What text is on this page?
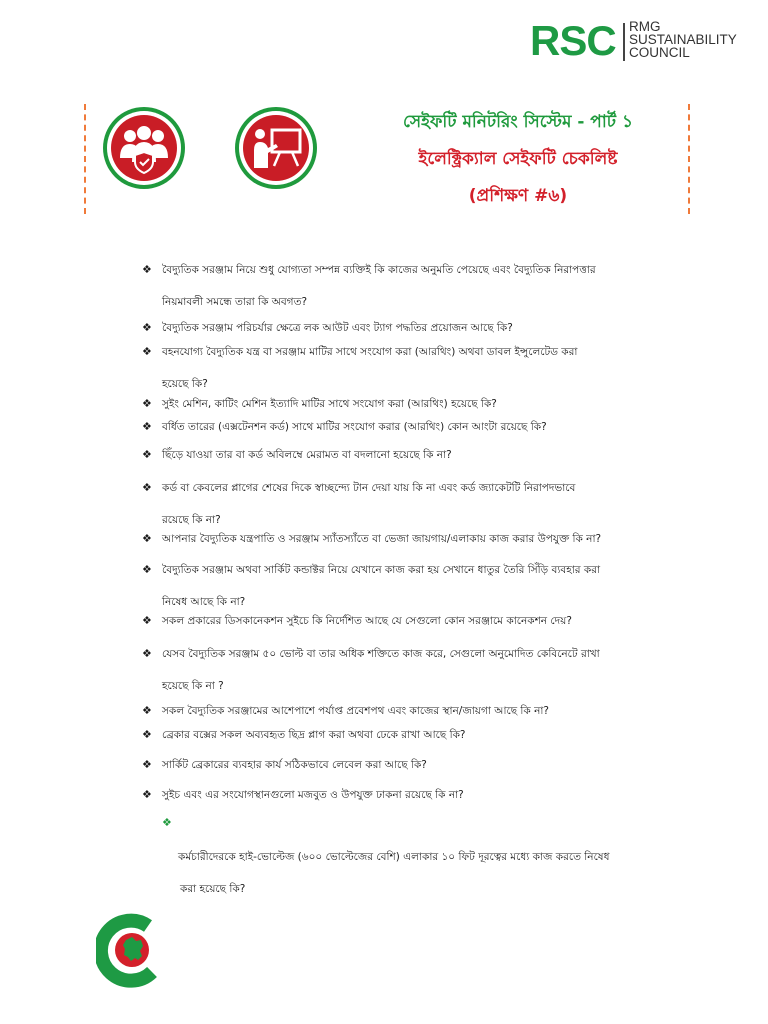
RSC RMG
SUSTAINABILITY
COUNCIL
সেইফটি মনিটরিং সিস্টেম - পার্ট ১
ইলেক্ট্রিক্যাল সেইফটি চেকলিষ্ট
(প্রশিক্ষণ #৬)
❖ বৈদ্যুতিক সরঞ্জাম নিয়ে শুধু যোগ্যতা সম্পন্ন ব্যক্তিই কি কাজের অনুমতি পেয়েছে এবং বৈদ্যুতিক নিরাপত্তার

নিয়মাবলী সমন্ধে তারা কি অবগত?

❖ বৈদ্যুতিক সরঞ্জাম পরিচর্যার ক্ষেত্রে লক আউট এবং ট্যাগ পদ্ধতির প্রয়োজন আছে কি?

❖ বহনযোগ্য বৈদ্যুতিক যন্ত্র বা সরঞ্জাম মাটির সাথে সংযোগ করা (আরথিং) অথবা ডাবল ইন্সুলেটেড করা

হয়েছে কি?

❖ সুইং মেশিন, কাটিং মেশিন ইত্যাদি মাটির সাথে সংযোগ করা (আরথিং) হয়েছে কি?

❖ বর্ধিত তারের (এক্সটেনশন কর্ড) সাথে মাটির সংযোগ করার (আরথিং) কোন আংটা রয়েছে কি?

❖ ছিঁড়ে যাওয়া তার বা কর্ড অবিলম্বে মেরামত বা বদলানো হয়েছে কি না?

❖ কর্ড বা কেবলের প্লাগের শেষের দিকে স্বাচ্ছন্দ্যে টান দেয়া যায় কি না এবং কর্ড জ্যাকেটটি নিরাপদভাবে

রয়েছে কি না?

❖ আপনার বৈদ্যুতিক যন্ত্রপাতি ও সরঞ্জাম স্যাঁতস্যাঁতে বা ভেজা জায়গায়/এলাকায় কাজ করার উপযুক্ত কি না?

❖ বৈদ্যুতিক সরঞ্জাম অথবা সার্কিট কন্ডাক্টর নিয়ে যেখানে কাজ করা হয় সেখানে ধাতুর তৈরি সিঁড়ি ব্যবহার করা

নিষেধ আছে কি না?

❖ সকল প্রকারের ডিসকানেকশন সুইচে কি নির্দেশিত আছে যে সেগুলো কোন সরঞ্জামে কানেকশন দেয়?

❖ যেসব বৈদ্যুতিক সরঞ্জাম ৫০ ভোল্ট বা তার অধিক শক্তিতে কাজ করে, সেগুলো অনুমোদিত কেবিনেটে রাখা

হয়েছে কি না ?

❖ সকল বৈদ্যুতিক সরঞ্জামের আশেপাশে পর্যাপ্ত প্রবেশপথ এবং কাজের স্থান/জায়গা আছে কি না?

❖ ব্রেকার বক্সের সকল অব্যবহৃত ছিদ্র প্লাগ করা অথবা ঢেকে রাখা আছে কি?

❖ সার্কিট ব্রেকারের ব্যবহার কার্য সঠিকভাবে লেবেল করা আছে কি?

❖ সুইচ এবং এর সংযোগস্থানগুলো মজবুত ও উপযুক্ত ঢাকনা রয়েছে কি না?

❖

কর্মচারীদেরকে হাই-ভোল্টেজ (৬০০ ভোল্টেজের বেশি) এলাকার ১০ ফিট দূরত্বের মধ্যে কাজ করতে নিষেধ

করা হয়েছে কি?
